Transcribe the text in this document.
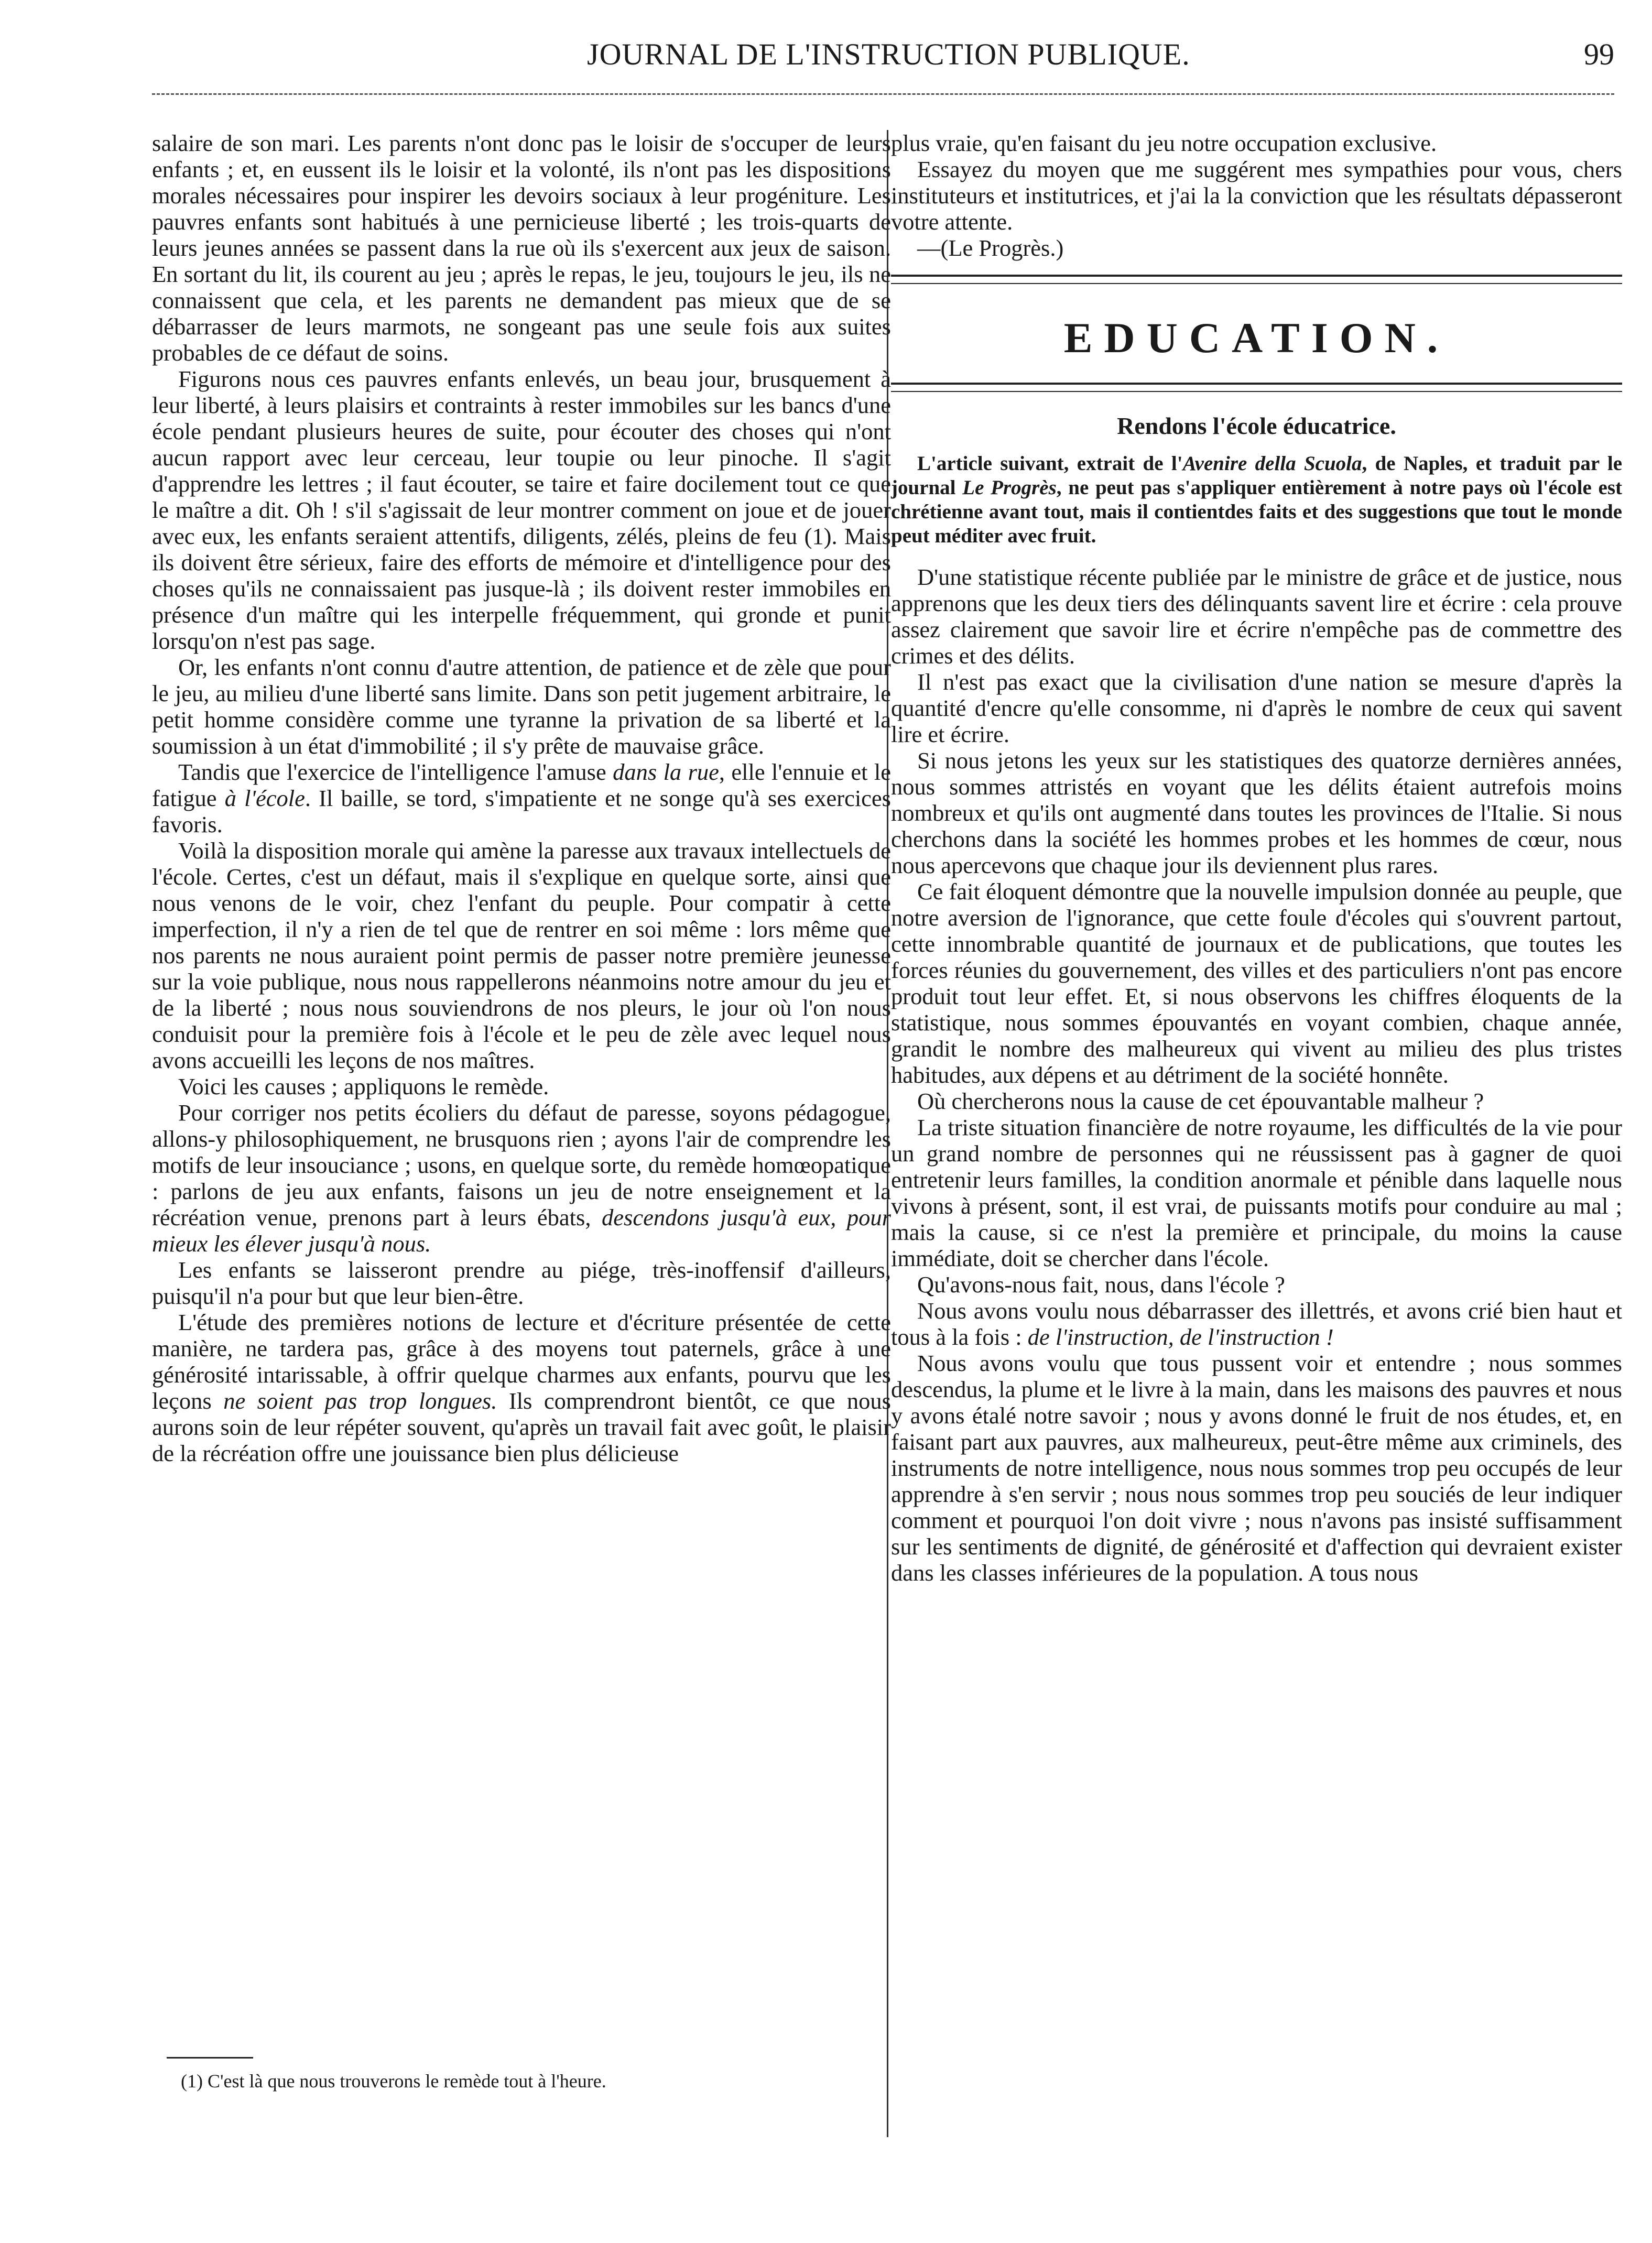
JOURNAL DE L'INSTRUCTION PUBLIQUE.	99

salaire de son mari. Les parents n'ont donc pas le loisir de s'occuper de leurs enfants ; et, en eussent ils le loisir et la volonté, ils n'ont pas les dispositions morales nécessaires pour inspirer les devoirs sociaux à leur progéniture. Les pauvres enfants sont habitués à une pernicieuse liberté ; les trois-quarts de leurs jeunes années se passent dans la rue où ils s'exercent aux jeux de saison. En sortant du lit, ils courent au jeu ; après le repas, le jeu, toujours le jeu, ils ne connaissent que cela, et les parents ne demandent pas mieux que de se débarrasser de leurs marmots, ne songeant pas une seule fois aux suites probables de ce défaut de soins.

Figurons nous ces pauvres enfants enlevés, un beau jour, brusquement à leur liberté, à leurs plaisirs et contraints à rester immobiles sur les bancs d'une école pendant plusieurs heures de suite, pour écouter des choses qui n'ont aucun rapport avec leur cerceau, leur toupie ou leur pinoche. Il s'agit d'apprendre les lettres ; il faut écouter, se taire et faire docilement tout ce que le maître a dit. Oh ! s'il s'agissait de leur montrer comment on joue et de jouer avec eux, les enfants seraient attentifs, diligents, zélés, pleins de feu (1). Mais ils doivent être sérieux, faire des efforts de mémoire et d'intelligence pour des choses qu'ils ne connaissaient pas jusque-là ; ils doivent rester immobiles en présence d'un maître qui les interpelle fréquemment, qui gronde et punit lorsqu'on n'est pas sage.

Or, les enfants n'ont connu d'autre attention, de patience et de zèle que pour le jeu, au milieu d'une liberté sans limite. Dans son petit jugement arbitraire, le petit homme considère comme une tyranne la privation de sa liberté et la soumission à un état d'immobilité ; il s'y prête de mauvaise grâce.

Tandis que l'exercice de l'intelligence l'amuse dans la rue, elle l'ennuie et le fatigue à l'école. Il baille, se tord, s'impatiente et ne songe qu'à ses exercices favoris.

Voilà la disposition morale qui amène la paresse aux travaux intellectuels de l'école. Certes, c'est un défaut, mais il s'explique en quelque sorte, ainsi que nous venons de le voir, chez l'enfant du peuple. Pour compatir à cette imperfection, il n'y a rien de tel que de rentrer en soi même : lors même que nos parents ne nous auraient point permis de passer notre première jeunesse sur la voie publique, nous nous rappellerons néanmoins notre amour du jeu et de la liberté ; nous nous souviendrons de nos pleurs, le jour où l'on nous conduisit pour la première fois à l'école et le peu de zèle avec lequel nous avons accueilli les leçons de nos maîtres.

Voici les causes ; appliquons le remède.

Pour corriger nos petits écoliers du défaut de paresse, soyons pédagogue, allons-y philosophiquement, ne brusquons rien ; ayons l'air de comprendre les motifs de leur insouciance ; usons, en quelque sorte, du remède homœopatique : parlons de jeu aux enfants, faisons un jeu de notre enseignement et la récréation venue, prenons part à leurs ébats, descendons jusqu'à eux, pour mieux les élever jusqu'à nous.

Les enfants se laisseront prendre au piége, très-inoffensif d'ailleurs, puisqu'il n'a pour but que leur bien-être.

L'étude des premières notions de lecture et d'écriture présentée de cette manière, ne tardera pas, grâce à des moyens tout paternels, grâce à une générosité intarissable, à offrir quelque charmes aux enfants, pourvu que les leçons ne soient pas trop longues. Ils comprendront bientôt, ce que nous aurons soin de leur répéter souvent, qu'après un travail fait avec goût, le plaisir de la récréation offre une jouissance bien plus délicieuse

(1) C'est là que nous trouverons le remède tout à l'heure.

plus vraie, qu'en faisant du jeu notre occupation exclusive.

Essayez du moyen que me suggérent mes sympathies pour vous, chers instituteurs et institutrices, et j'ai la la conviction que les résultats dépasseront votre attente.

—(Le Progrès.)

EDUCATION.
Rendons l'école éducatrice.

L'article suivant, extrait de l'Avenire della Scuola, de Naples, et traduit par le journal Le Progrès, ne peut pas s'appliquer entièrement à notre pays où l'école est chrétienne avant tout, mais il contientdes faits et des suggestions que tout le monde peut méditer avec fruit.

D'une statistique récente publiée par le ministre de grâce et de justice, nous apprenons que les deux tiers des délinquants savent lire et écrire : cela prouve assez clairement que savoir lire et écrire n'empêche pas de commettre des crimes et des délits.

Il n'est pas exact que la civilisation d'une nation se mesure d'après la quantité d'encre qu'elle consomme, ni d'après le nombre de ceux qui savent lire et écrire.

Si nous jetons les yeux sur les statistiques des quatorze dernières années, nous sommes attristés en voyant que les délits étaient autrefois moins nombreux et qu'ils ont augmenté dans toutes les provinces de l'Italie. Si nous cherchons dans la société les hommes probes et les hommes de cœur, nous nous apercevons que chaque jour ils deviennent plus rares.

Ce fait éloquent démontre que la nouvelle impulsion donnée au peuple, que notre aversion de l'ignorance, que cette foule d'écoles qui s'ouvrent partout, cette innombrable quantité de journaux et de publications, que toutes les forces réunies du gouvernement, des villes et des particuliers n'ont pas encore produit tout leur effet. Et, si nous observons les chiffres éloquents de la statistique, nous sommes épouvantés en voyant combien, chaque année, grandit le nombre des malheureux qui vivent au milieu des plus tristes habitudes, aux dépens et au détriment de la société honnête.

Où chercherons nous la cause de cet épouvantable malheur ?

La triste situation financière de notre royaume, les difficultés de la vie pour un grand nombre de personnes qui ne réussissent pas à gagner de quoi entretenir leurs familles, la condition anormale et pénible dans laquelle nous vivons à présent, sont, il est vrai, de puissants motifs pour conduire au mal ; mais la cause, si ce n'est la première et principale, du moins la cause immédiate, doit se chercher dans l'école.

Qu'avons-nous fait, nous, dans l'école ?

Nous avons voulu nous débarrasser des illettrés, et avons crié bien haut et tous à la fois : de l'instruction, de l'instruction !

Nous avons voulu que tous pussent voir et entendre ; nous sommes descendus, la plume et le livre à la main, dans les maisons des pauvres et nous y avons étalé notre savoir ; nous y avons donné le fruit de nos études, et, en faisant part aux pauvres, aux malheureux, peut-être même aux criminels, des instruments de notre intelligence, nous nous sommes trop peu occupés de leur apprendre à s'en servir ; nous nous sommes trop peu souciés de leur indiquer comment et pourquoi l'on doit vivre ; nous n'avons pas insisté suffisamment sur les sentiments de dignité, de générosité et d'affection qui devraient exister dans les classes inférieures de la population. A tous nous
